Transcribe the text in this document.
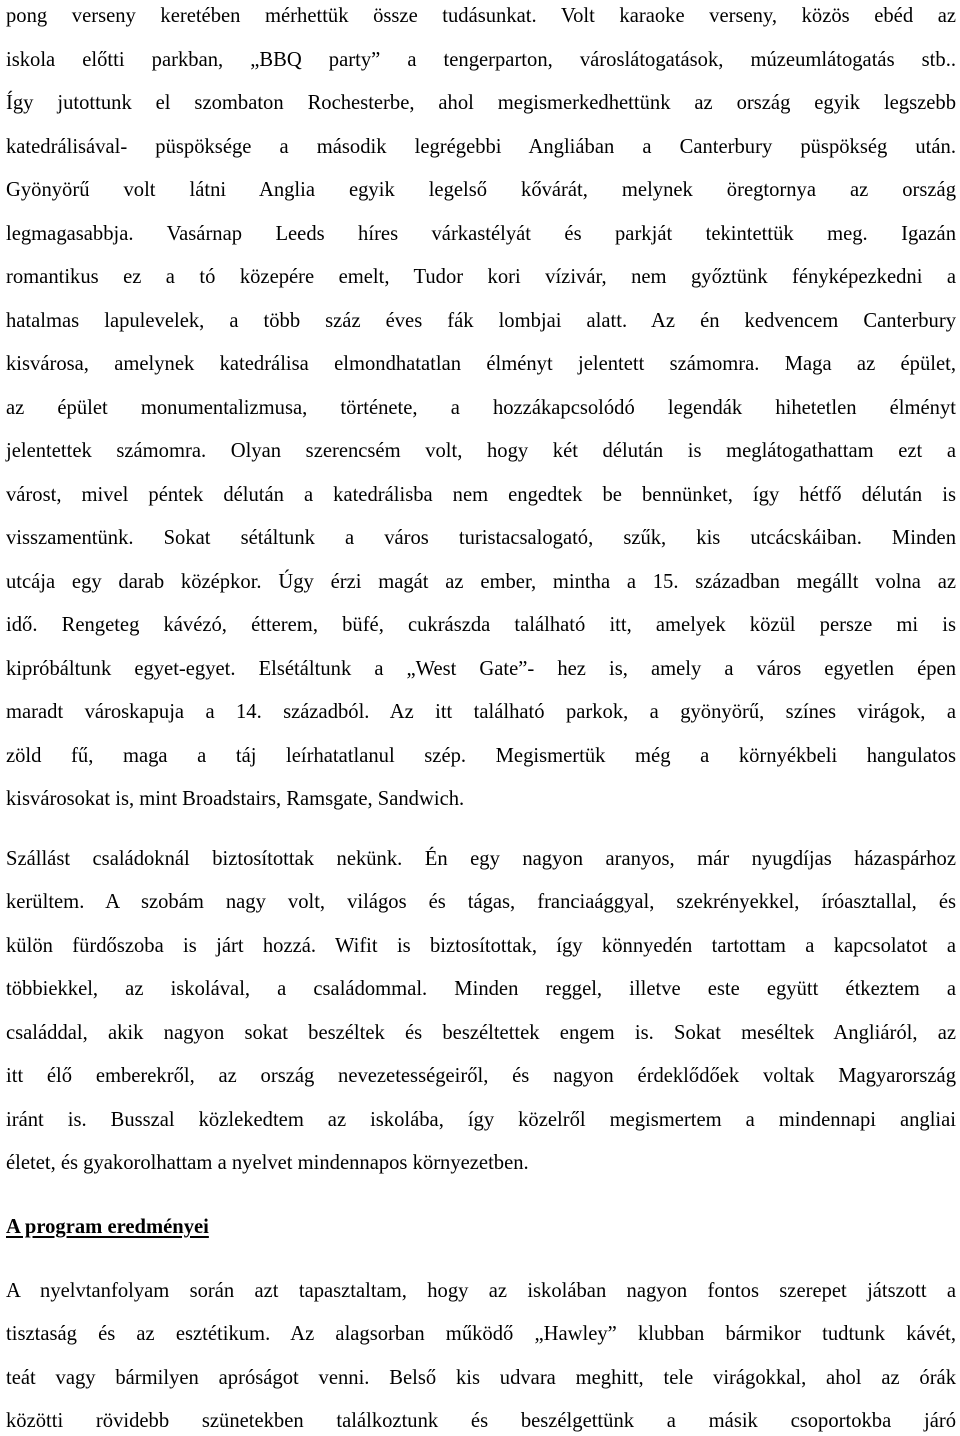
pong verseny keretében mérhettük össze tudásunkat. Volt karaoke verseny, közös ebéd az
iskola előtti parkban, „BBQ party” a tengerparton, városlátogatások, múzeumlátogatás stb..
Így jutottunk el szombaton Rochesterbe, ahol megismerkedhettünk az ország egyik legszebb
katedrálisával- püspöksége a második legrégebbi Angliában a Canterbury püspökség után.
Gyönyörű volt látni Anglia egyik legelső kővárát, melynek öregtornya az ország
legmagasabbja. Vasárnap Leeds híres várkastélyát és parkját tekintettük meg. Igazán
romantikus ez a tó közepére emelt, Tudor kori vízivár, nem győztünk fényképezkedni a
hatalmas lapulevelek, a több száz éves fák lombjai alatt. Az én kedvencem Canterbury
kisvárosa, amelynek katedrálisa elmondhatatlan élményt jelentett számomra. Maga az épület,
az épület monumentalizmusa, története, a hozzákapcsolódó legendák hihetetlen élményt
jelentettek számomra. Olyan szerencsém volt, hogy két délután is meglátogathattam ezt a
várost, mivel péntek délután a katedrálisba nem engedtek be bennünket, így hétfő délután is
visszamentünk. Sokat sétáltunk a város turistacsalogató, szűk, kis utcácskáiban. Minden
utcája egy darab középkor. Úgy érzi magát az ember, mintha a 15. században megállt volna az
idő. Rengeteg kávézó, étterem, büfé, cukrászda található itt, amelyek közül persze mi is
kipróbáltunk egyet-egyet. Elsétáltunk a „West Gate”- hez is, amely a város egyetlen épen
maradt városkapuja a 14. századból. Az itt található parkok, a gyönyörű, színes virágok, a
zöld fű, maga a táj leírhatatlanul szép. Megismertük még a környékbeli hangulatos
kisvárosokat is, mint Broadstairs, Ramsgate, Sandwich.
Szállást családoknál biztosítottak nekünk. Én egy nagyon aranyos, már nyugdíjas házaspárhoz
kerültem. A szobám nagy volt, világos és tágas, franciaággyal, szekrényekkel, íróasztallal, és
külön fürdőszoba is járt hozzá. Wifit is biztosítottak, így könnyedén tartottam a kapcsolatot a
többiekkel, az iskolával, a családommal. Minden reggel, illetve este együtt étkeztem a
családdal, akik nagyon sokat beszéltek és beszéltettek engem is. Sokat meséltek Angliáról, az
itt élő emberekről, az ország nevezetességeiről, és nagyon érdeklődőek voltak Magyarország
iránt is. Busszal közlekedtem az iskolába, így közelről megismertem a mindennapi angliai
életet, és gyakorolhattam a nyelvet mindennapos környezetben.
A program eredményei
A nyelvtanfolyam során azt tapasztaltam, hogy az iskolában nagyon fontos szerepet játszott a
tisztaság és az esztétikum. Az alagsorban működő „Hawley” klubban bármikor tudtunk kávét,
teát vagy bármilyen apróságot venni. Belső kis udvara meghitt, tele virágokkal, ahol az órák
közötti rövidebb szünetekben találkoztunk és beszélgettünk a másik csoportokba járó
